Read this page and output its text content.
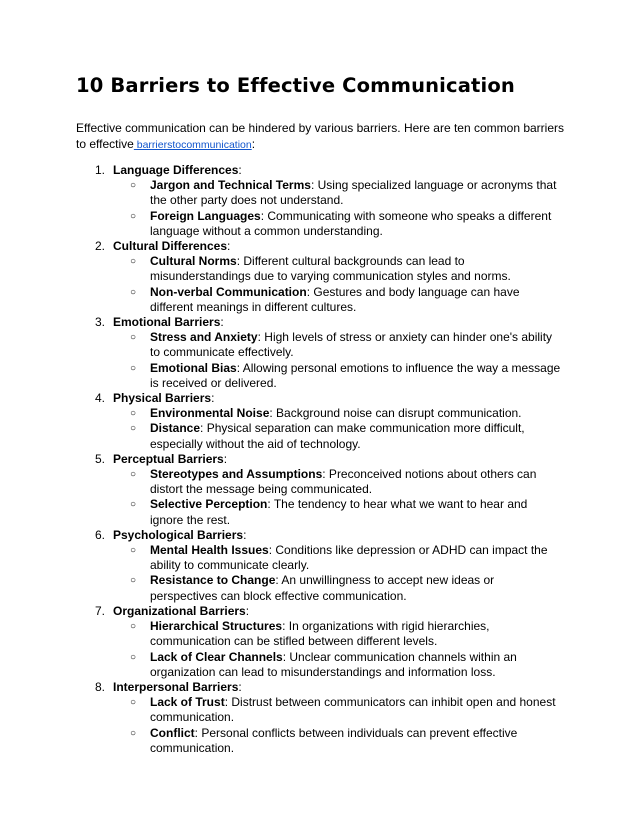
10 Barriers to Effective Communication

Effective communication can be hindered by various barriers. Here are ten common barriers to effective barrierstocommunication:

1. Language Differences:
○ Jargon and Technical Terms: Using specialized language or acronyms that the other party does not understand.
○ Foreign Languages: Communicating with someone who speaks a different language without a common understanding.
2. Cultural Differences:
○ Cultural Norms: Different cultural backgrounds can lead to misunderstandings due to varying communication styles and norms.
○ Non-verbal Communication: Gestures and body language can have different meanings in different cultures.
3. Emotional Barriers:
○ Stress and Anxiety: High levels of stress or anxiety can hinder one's ability to communicate effectively.
○ Emotional Bias: Allowing personal emotions to influence the way a message is received or delivered.
4. Physical Barriers:
○ Environmental Noise: Background noise can disrupt communication.
○ Distance: Physical separation can make communication more difficult, especially without the aid of technology.
5. Perceptual Barriers:
○ Stereotypes and Assumptions: Preconceived notions about others can distort the message being communicated.
○ Selective Perception: The tendency to hear what we want to hear and ignore the rest.
6. Psychological Barriers:
○ Mental Health Issues: Conditions like depression or ADHD can impact the ability to communicate clearly.
○ Resistance to Change: An unwillingness to accept new ideas or perspectives can block effective communication.
7. Organizational Barriers:
○ Hierarchical Structures: In organizations with rigid hierarchies, communication can be stifled between different levels.
○ Lack of Clear Channels: Unclear communication channels within an organization can lead to misunderstandings and information loss.
8. Interpersonal Barriers:
○ Lack of Trust: Distrust between communicators can inhibit open and honest communication.
○ Conflict: Personal conflicts between individuals can prevent effective communication.
